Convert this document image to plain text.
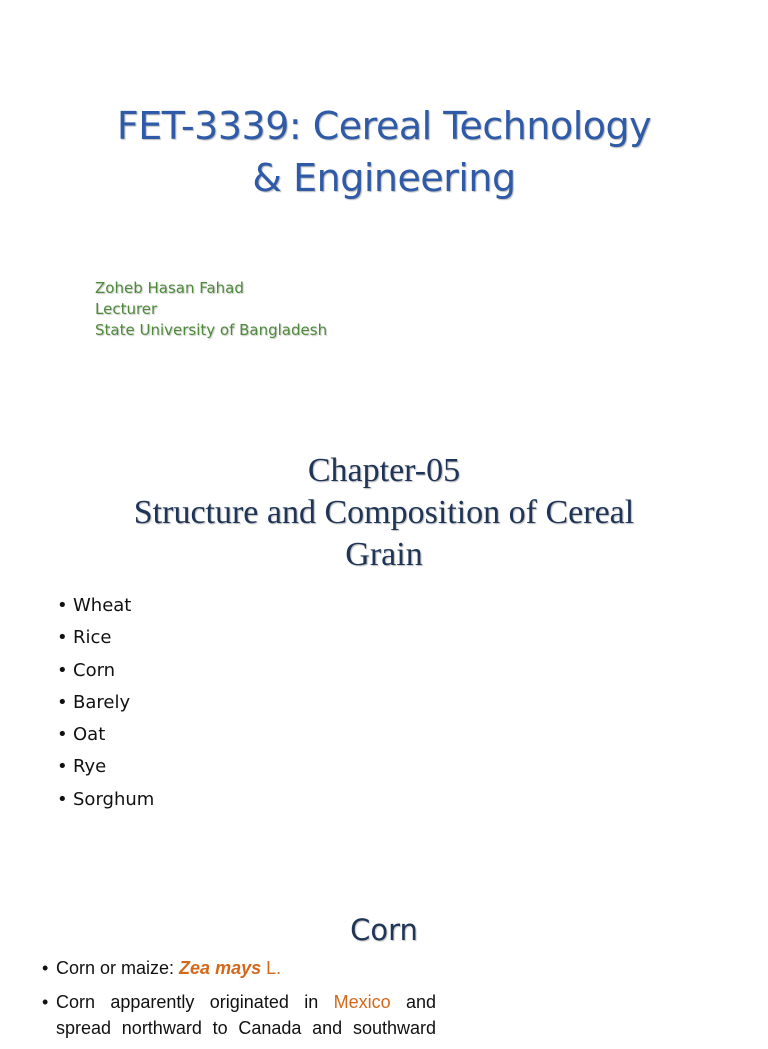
FET-3339: Cereal Technology
& Engineering
Zoheb Hasan Fahad
Lecturer
State University of Bangladesh
Chapter-05
Structure and Composition of Cereal
Grain
• Wheat
• Rice
• Corn
• Barely
• Oat
• Rye
• Sorghum
Corn
• Corn or maize: Zea mays L.
• Corn apparently originated in Mexico and
spread northward to Canada and southward
